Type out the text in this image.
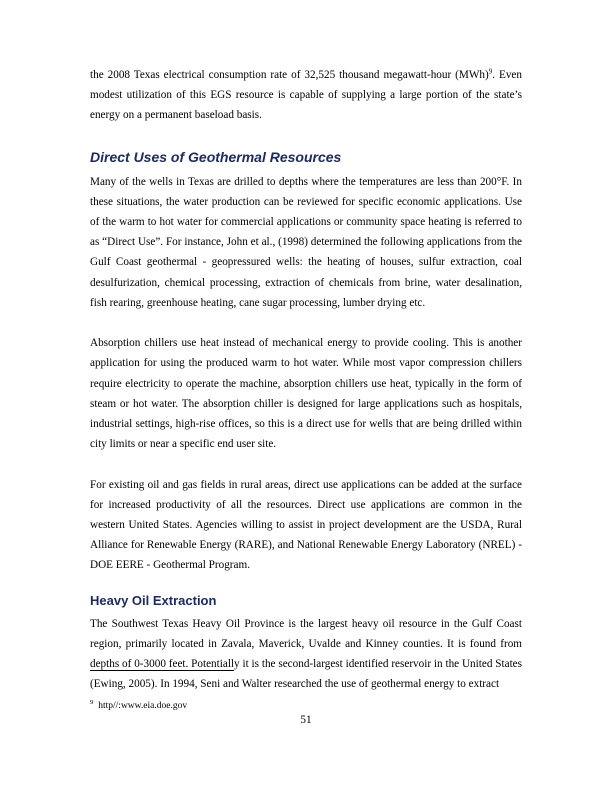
the 2008 Texas electrical consumption rate of 32,525 thousand megawatt-hour (MWh)$^9$. Even modest utilization of this EGS resource is capable of supplying a large portion of the state’s energy on a permanent baseload basis.

Direct Uses of Geothermal Resources

Many of the wells in Texas are drilled to depths where the temperatures are less than 200°F. In these situations, the water production can be reviewed for specific economic applications. Use of the warm to hot water for commercial applications or community space heating is referred to as “Direct Use”. For instance, John et al., (1998) determined the following applications from the Gulf Coast geothermal - geopressured wells: the heating of houses, sulfur extraction, coal desulfurization, chemical processing, extraction of chemicals from brine, water desalination, fish rearing, greenhouse heating, cane sugar processing, lumber drying etc.

Absorption chillers use heat instead of mechanical energy to provide cooling. This is another application for using the produced warm to hot water. While most vapor compression chillers require electricity to operate the machine, absorption chillers use heat, typically in the form of steam or hot water. The absorption chiller is designed for large applications such as hospitals, industrial settings, high-rise offices, so this is a direct use for wells that are being drilled within city limits or near a specific end user site.

For existing oil and gas fields in rural areas, direct use applications can be added at the surface for increased productivity of all the resources. Direct use applications are common in the western United States. Agencies willing to assist in project development are the USDA, Rural Alliance for Renewable Energy (RARE), and National Renewable Energy Laboratory (NREL) - DOE EERE - Geothermal Program.

Heavy Oil Extraction

The Southwest Texas Heavy Oil Province is the largest heavy oil resource in the Gulf Coast region, primarily located in Zavala, Maverick, Uvalde and Kinney counties. It is found from depths of 0-3000 feet. Potentially it is the second-largest identified reservoir in the United States (Ewing, 2005). In 1994, Seni and Walter researched the use of geothermal energy to extract

$^9$ http//:www.eia.doe.gov
51
